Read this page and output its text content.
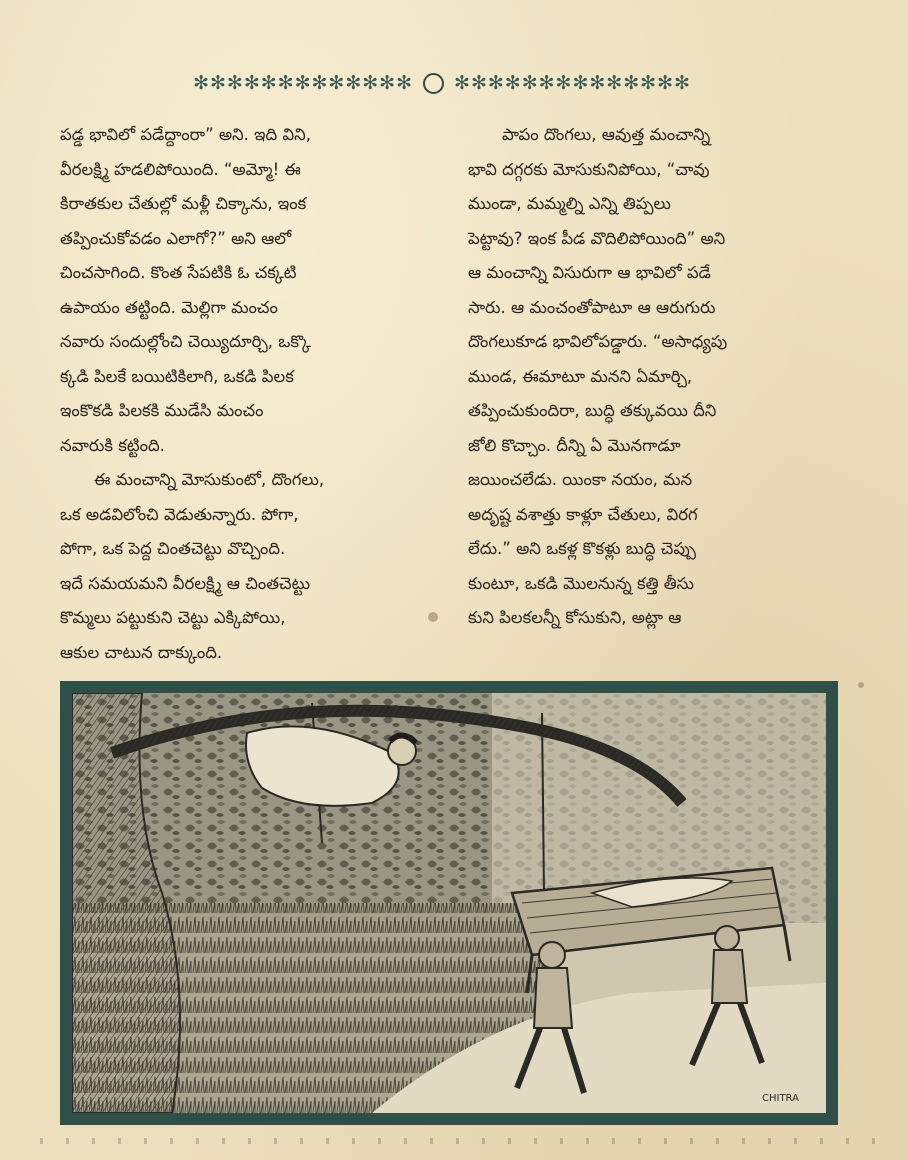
✻✻✻✻✻✻✻✻✻✻✻✻✻ ✻✻✻✻✻✻✻✻✻✻✻✻✻✻
పడ్డ భావిలో పడేద్దాంరా” అని. ఇది విని,
వీరలక్ష్మి హడలిపోయింది. “అమ్మో! ఈ
కిరాతకుల చేతుల్లో మళ్లీ చిక్కాను, ఇంక
తప్పించుకోవడం ఎలాగో?” అని ఆలో
చించసాగింది. కొంత సేపటికి ఓ చక్కటి
ఉపాయం తట్టింది. మెల్లిగా మంచం
నవారు సందుల్లోంచి చెయ్యిదూర్చి, ఒక్కొ
క్కడి పిలకే బయిటికిలాగి, ఒకడి పిలక
ఇంకొకడి పిలకకి ముడేసి మంచం
నవారుకి కట్టింది.
ఈ మంచాన్ని మోసుకుంటో, దొంగలు,
ఒక అడవిలోంచి వెడుతున్నారు. పోగా,
పోగా, ఒక పెద్ద చింతచెట్టు వొచ్చింది.
ఇదే సమయమని వీరలక్ష్మి ఆ చింతచెట్టు
కొమ్మలు పట్టుకుని చెట్టు ఎక్కిపోయి,
ఆకుల చాటున దాక్కుంది.
పాపం దొంగలు, ఆవుత్త మంచాన్ని
భావి దగ్గరకు మోసుకునిపోయి, “చావు
ముండా, మమ్మల్ని ఎన్ని తిప్పలు
పెట్టావు? ఇంక పీడ వొదిలిపోయింది” అని
ఆ మంచాన్ని విసురుగా ఆ భావిలో పడే
సారు. ఆ మంచంతోపాటూ ఆ ఆరుగురు
దొంగలుకూడ భావిలోపడ్డారు. “అసాధ్యపు
ముండ, ఈమాటూ మనని ఏమార్చి,
తప్పించుకుందిరా, బుద్ధి తక్కువయి దీని
జోలి కొచ్చాం. దీన్ని ఏ మొనగాడూ
జయించలేడు. యింకా నయం, మన
అదృష్ట వశాత్తు కాళ్లూ చేతులు, విరగ
లేదు.” అని ఒకళ్ల కొకళ్లు బుద్ధి చెప్పు
కుంటూ, ఒకడి మొలనున్న కత్తి తీసు
కుని పిలకలన్నీ కోసుకుని, అట్లా ఆ
CHITRA
